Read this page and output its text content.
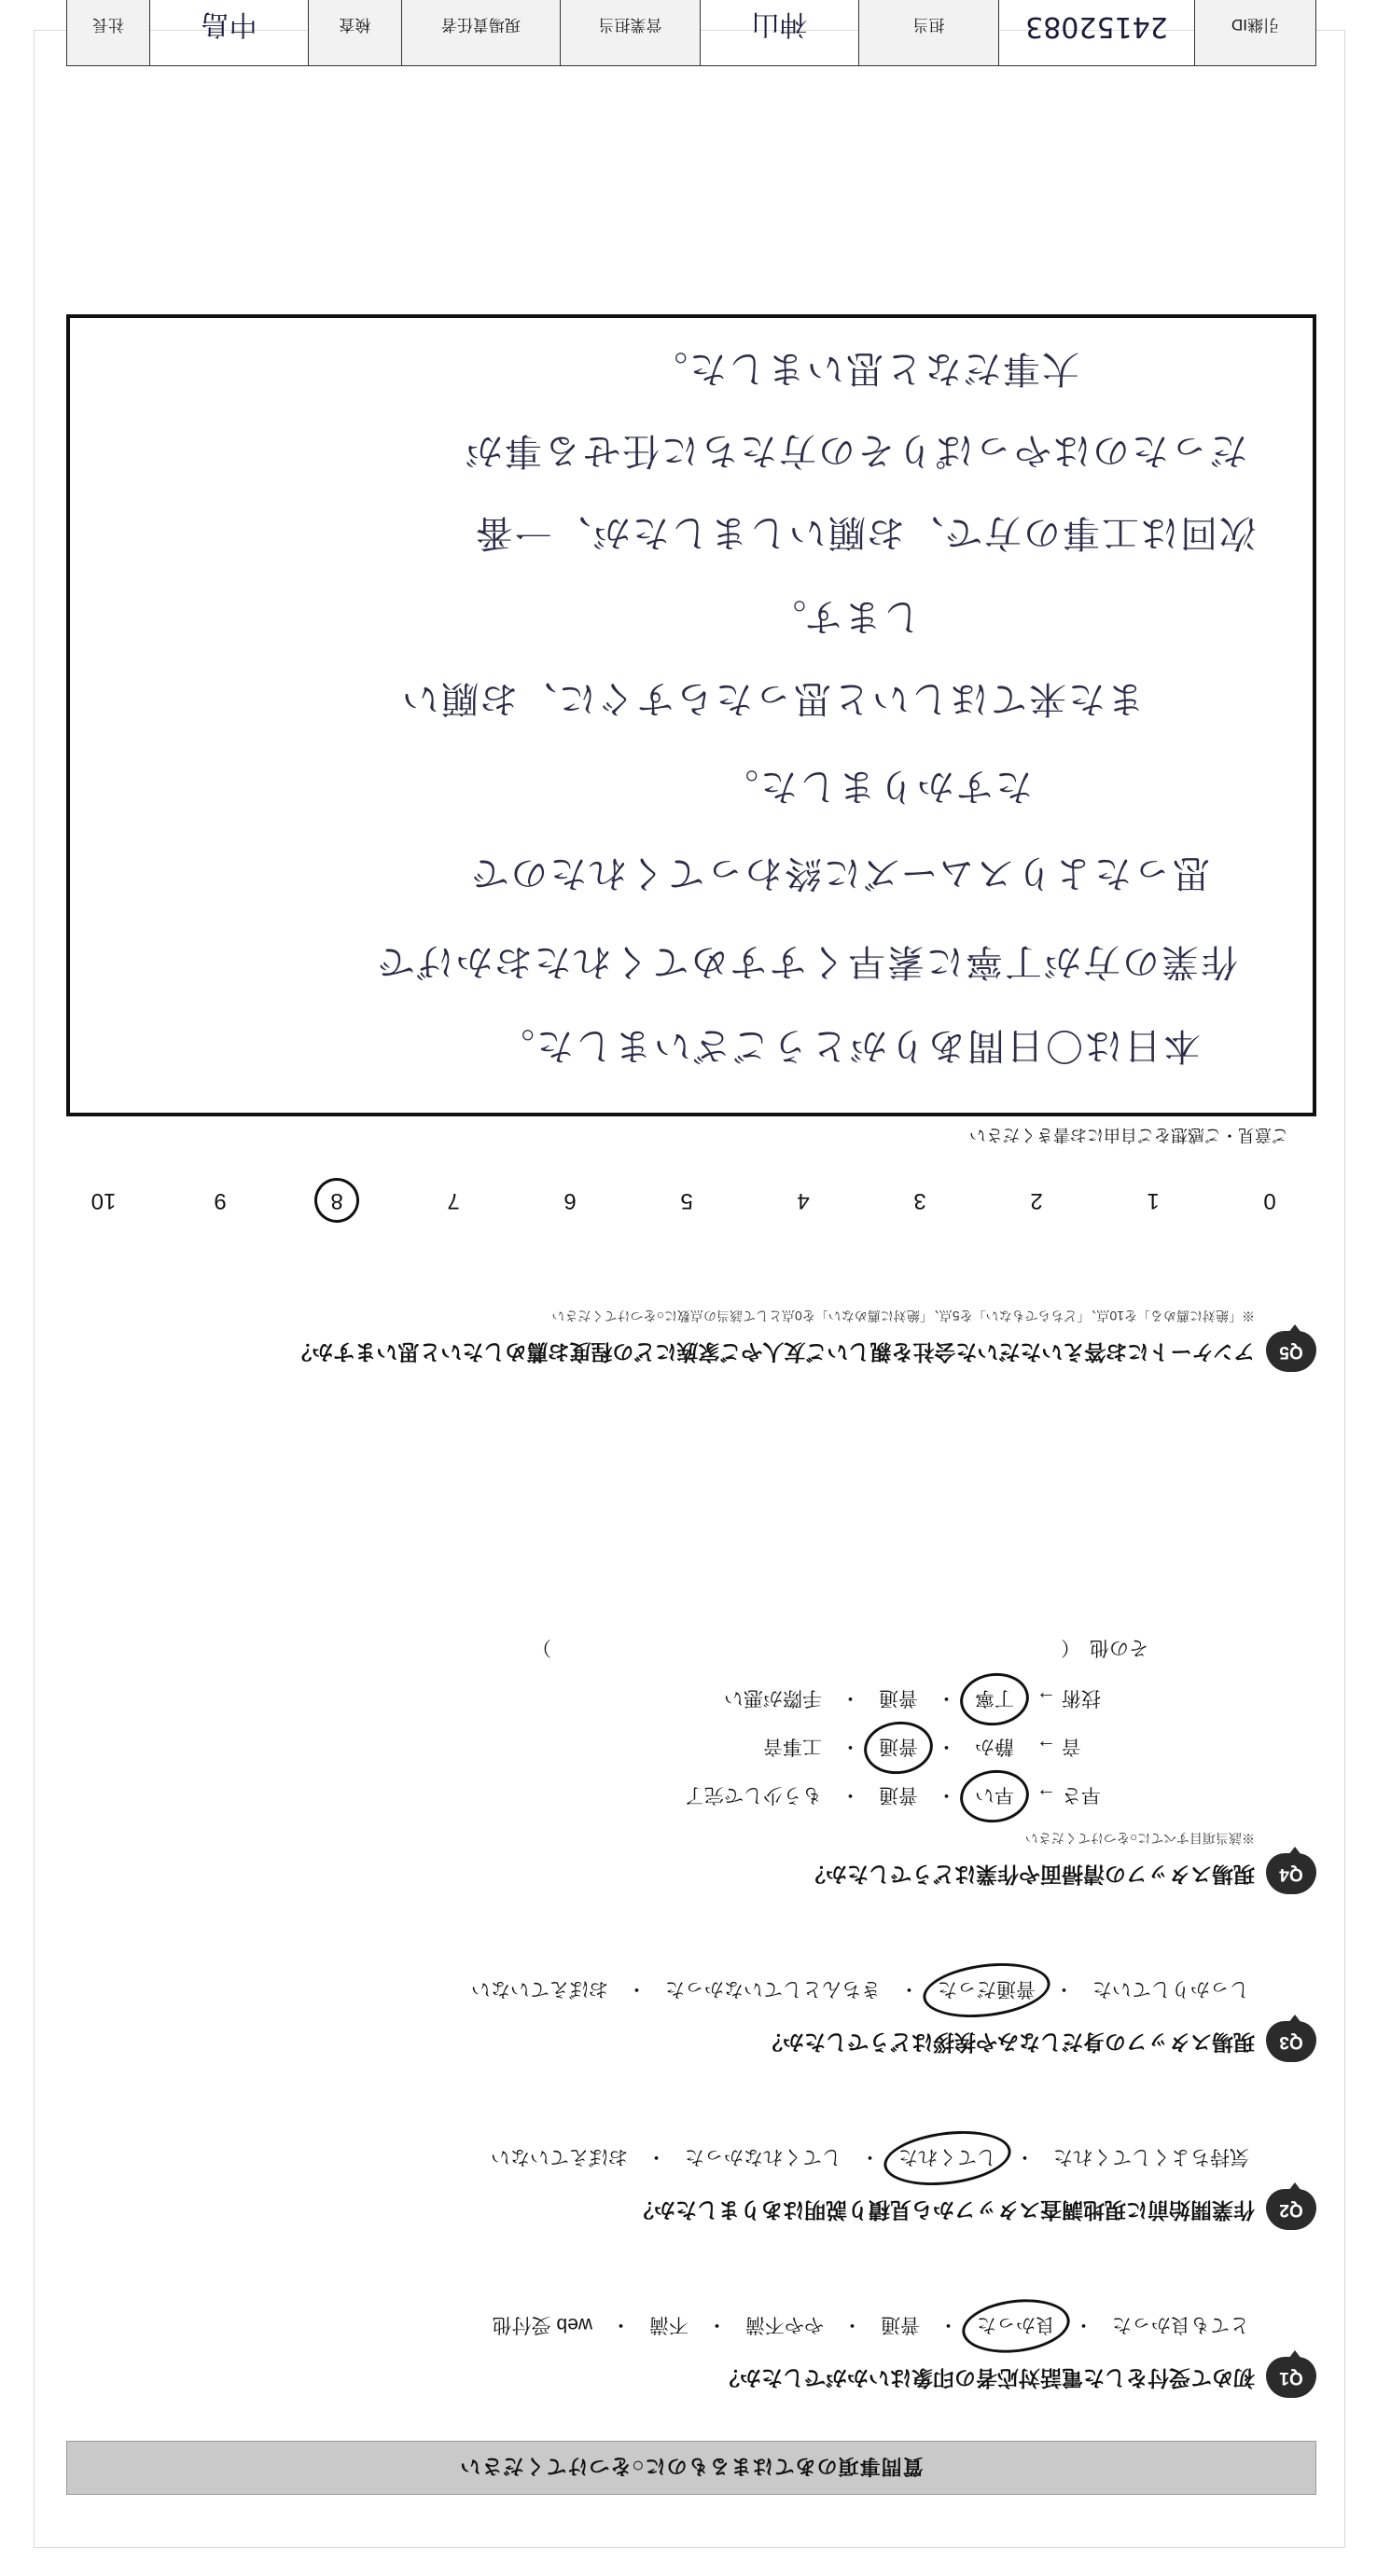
質問事項のあてはまるものに○をつけてください
Q1
初めて受付をした電話対応者の印象はいかがでしたか？
とても良かった
・
良かった
・
普通
・
やや不満
・
不満
・
web 受付他
Q2
作業開始前に現地調査スタッフから見積り説明はありましたか？
気持ちよくしてくれた
・
してくれた
・
してくれなかった
・
おぼえていない
Q3
現場スタッフの身だしなみや挨拶はどうでしたか？
しっかりしていた
・
普通だった
・
きちんとしていなかった
・
おぼえていない
Q4
現場スタッフの清掃面や作業はどうでしたか？
※該当項目すべてに○をつけてください
早さ →
早い
・
普通
・
もう少しで完了
音 →
静か
・
普通
・
工事音
技術 →
丁寧
・
普通
・
手際が悪い
その他
（　　　　　　　　　　　　　　　　　　　　　　　　　　）
Q5
アンケートにお答えいただいた会社を親しいご友人やご家族にどの程度お薦めしたいと思いますか？
※「絶対に薦める」を10点、「どちらでもない」を5点、「絶対に薦めない」を0点として該当の点数に○をつけてください
0
1
2
3
4
5
6
7
8
9
10
ご意見・ご感想をご自由にお書きください
本日は〇日間ありがとうございました。
作業の方が丁寧に素早くすすめてくれたおかげで
思ったよりスムーズに終わってくれたので
たすかりました。
また来てほしいと思ったらすぐに、お願い
します。
次回は工事の方で、お願いしましたが、一番
だったのはやっぱりその方たちに任せる事が
大事だなと思いました。
引継ID
24152083
担当
神山
営業担当
現場責任者
検査
中島
社長
